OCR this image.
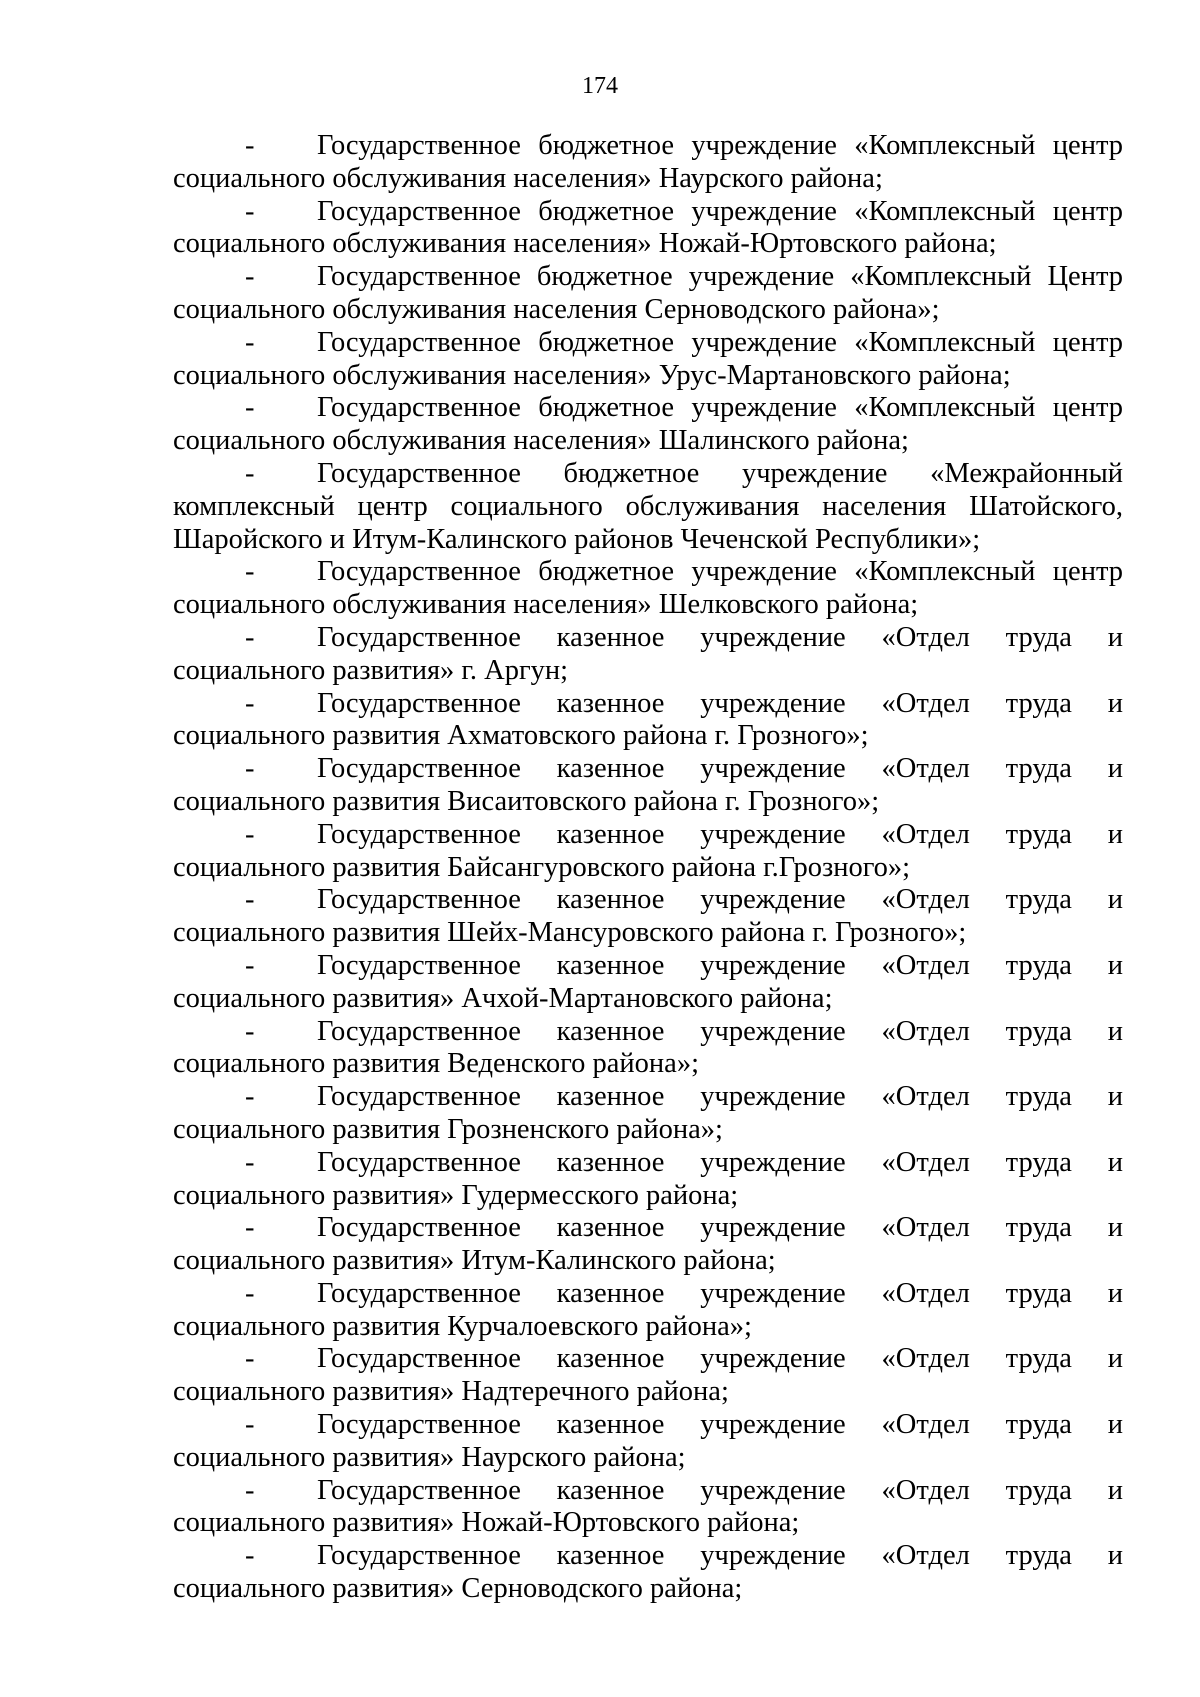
174
-	Государственное бюджетное учреждение «Комплексный центр
социального обслуживания населения» Наурского района;
-	Государственное бюджетное учреждение «Комплексный центр
социального обслуживания населения» Ножай-Юртовского района;
-	Государственное бюджетное учреждение «Комплексный Центр
социального обслуживания населения Серноводского района»;
-	Государственное бюджетное учреждение «Комплексный центр
социального обслуживания населения» Урус-Мартановского района;
-	Государственное бюджетное учреждение «Комплексный центр
социального обслуживания населения» Шалинского района;
-	Государственное бюджетное учреждение «Межрайонный
комплексный центр социального обслуживания населения Шатойского,
Шаройского и Итум-Калинского районов Чеченской Республики»;
-	Государственное бюджетное учреждение «Комплексный центр
социального обслуживания населения» Шелковского района;
-	Государственное казенное учреждение «Отдел труда и
социального развития» г. Аргун;
-	Государственное казенное учреждение «Отдел труда и
социального развития Ахматовского района г. Грозного»;
-	Государственное казенное учреждение «Отдел труда и
социального развития Висаитовского района г. Грозного»;
-	Государственное казенное учреждение «Отдел труда и
социального развития Байсангуровского района г.Грозного»;
-	Государственное казенное учреждение «Отдел труда и
социального развития Шейх-Мансуровского района г. Грозного»;
-	Государственное казенное учреждение «Отдел труда и
социального развития» Ачхой-Мартановского района;
-	Государственное казенное учреждение «Отдел труда и
социального развития Веденского района»;
-	Государственное казенное учреждение «Отдел труда и
социального развития Грозненского района»;
-	Государственное казенное учреждение «Отдел труда и
социального развития» Гудермесского района;
-	Государственное казенное учреждение «Отдел труда и
социального развития» Итум-Калинского района;
-	Государственное казенное учреждение «Отдел труда и
социального развития Курчалоевского района»;
-	Государственное казенное учреждение «Отдел труда и
социального развития» Надтеречного района;
-	Государственное казенное учреждение «Отдел труда и
социального развития» Наурского района;
-	Государственное казенное учреждение «Отдел труда и
социального развития» Ножай-Юртовского района;
-	Государственное казенное учреждение «Отдел труда и
социального развития» Серноводского района;
